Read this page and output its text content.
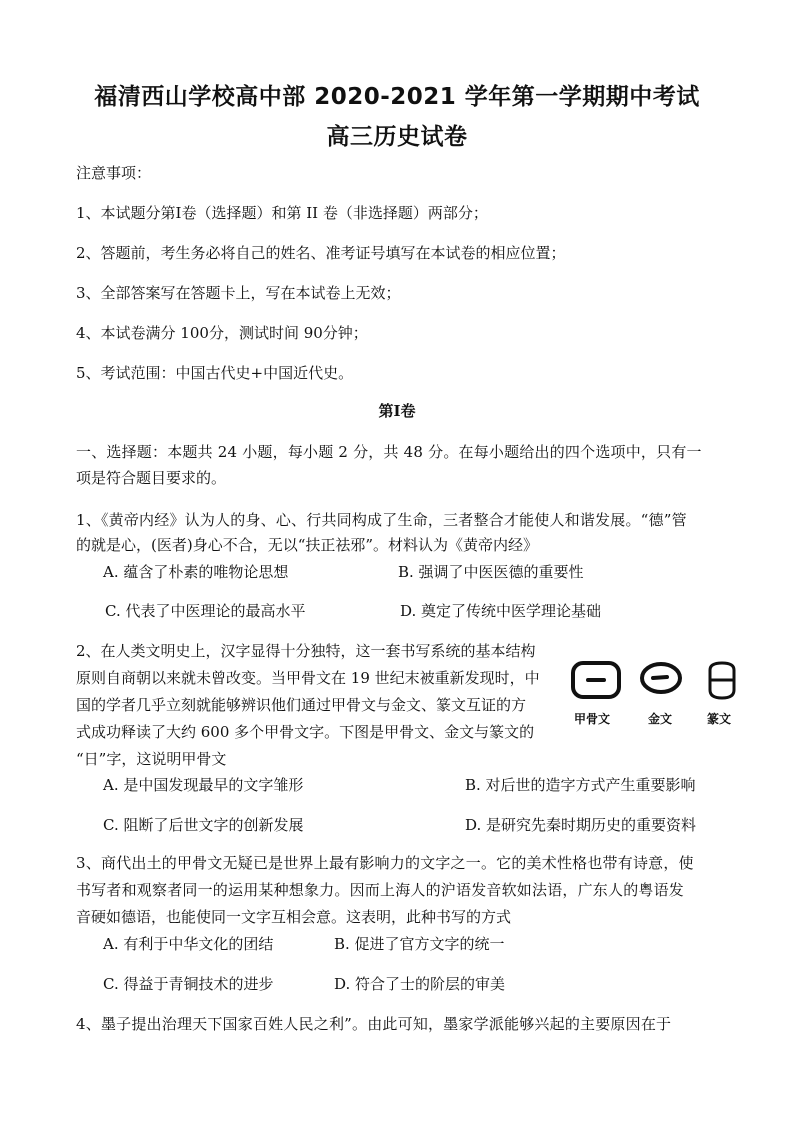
福清西山学校高中部 2020-2021 学年第一学期期中考试
高三历史试卷
注意事项：
1、本试题分第Ⅰ卷（选择题）和第 II 卷（非选择题）两部分；
2、答题前，考生务必将自己的姓名、准考证号填写在本试卷的相应位置；
3、全部答案写在答题卡上，写在本试卷上无效；
4、本试卷满分 100分，测试时间 90分钟；
5、考试范围：中国古代史+中国近代史。
第Ⅰ卷
一、选择题：本题共 24 小题，每小题 2 分，共 48 分。在每小题给出的四个选项中，只有一
项是符合题目要求的。
1、《黄帝内经》认为人的身、心、行共同构成了生命，三者整合才能使人和谐发展。“德”管
的就是心，(医者)身心不合，无以“扶正祛邪”。材料认为《黄帝内经》
A. 蕴含了朴素的唯物论思想	B. 强调了中医医德的重要性
C. 代表了中医理论的最高水平	D. 奠定了传统中医学理论基础
2、在人类文明史上，汉字显得十分独特，这一套书写系统的基本结构
原则自商朝以来就未曾改变。当甲骨文在 19 世纪末被重新发现时，中
国的学者几乎立刻就能够辨识他们通过甲骨文与金文、篆文互证的方
式成功释读了大约 600 多个甲骨文字。下图是甲骨文、金文与篆文的
“日”字，这说明甲骨文
甲骨文	金文	篆文
A. 是中国发现最早的文字雏形	B. 对后世的造字方式产生重要影响
C. 阻断了后世文字的创新发展	D. 是研究先秦时期历史的重要资料
3、商代出土的甲骨文无疑已是世界上最有影响力的文字之一。它的美术性格也带有诗意，使
书写者和观察者同一的运用某种想象力。因而上海人的沪语发音软如法语，广东人的粤语发
音硬如德语，也能使同一文字互相会意。这表明，此种书写的方式
A. 有利于中华文化的团结	B. 促进了官方文字的统一
C. 得益于青铜技术的进步	D. 符合了士的阶层的审美
4、墨子提出治理天下国家百姓人民之利”。由此可知，墨家学派能够兴起的主要原因在于
